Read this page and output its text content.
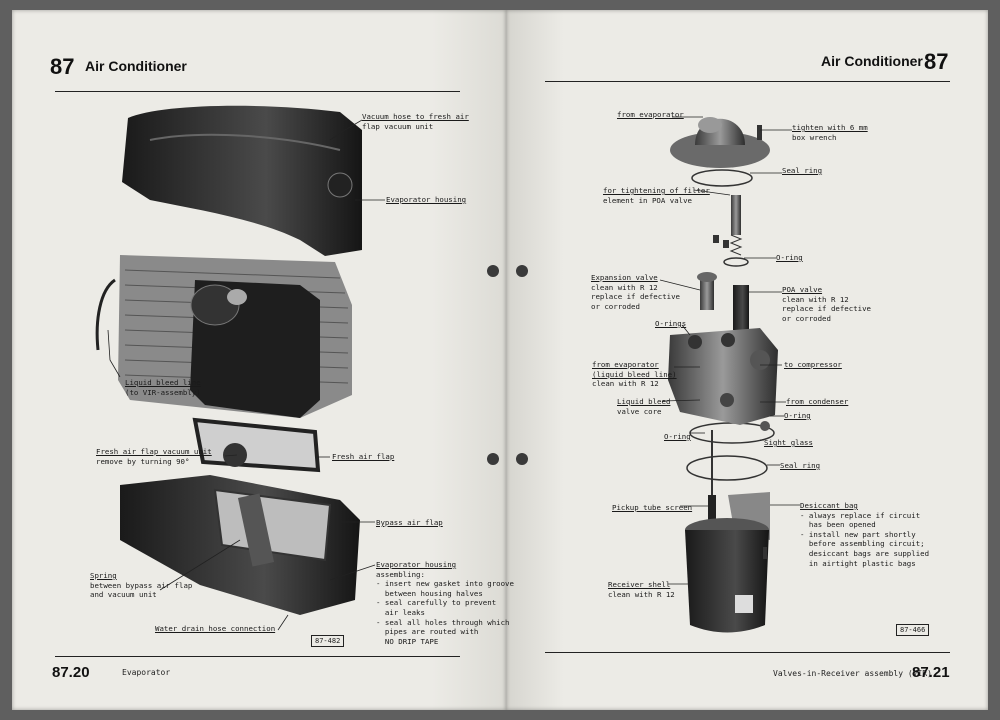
87 Air Conditioner
87.20	Evaporator
87-482
Air Conditioner 87
Valves-in-Receiver assembly (VIR)
87.21
87-466
Vacuum hose to fresh air
flap vacuum unit
Evaporator housing
Liquid bleed line
(to VIR-assembly)
Fresh air flap vacuum unit
remove by turning 90°
Fresh air flap
Bypass air flap
Spring
between bypass air flap
and vacuum unit
Evaporator housing
assembling:
- insert new gasket into groove
between housing halves
- seal carefully to prevent
air leaks
- seal all holes through which
pipes are routed with
NO DRIP TAPE
Water drain hose connection
from evaporator
tighten with 6 mm
box wrench
Seal ring
for tightening of filter
element in POA valve
O-ring
Expansion valve
clean with R 12
replace if defective
or corroded
POA valve
clean with R 12
replace if defective
or corroded
O-rings
from evaporator
(liquid bleed line)
clean with R 12
to compressor
Liquid bleed
valve core
from condenser
O-ring
O-ring
Sight glass
Seal ring
Pickup tube screen	Desiccant bag
- always replace if circuit
has been opened
- install new part shortly
before assembling circuit;
desiccant bags are supplied
in airtight plastic bags
Receiver shell
clean with R 12
